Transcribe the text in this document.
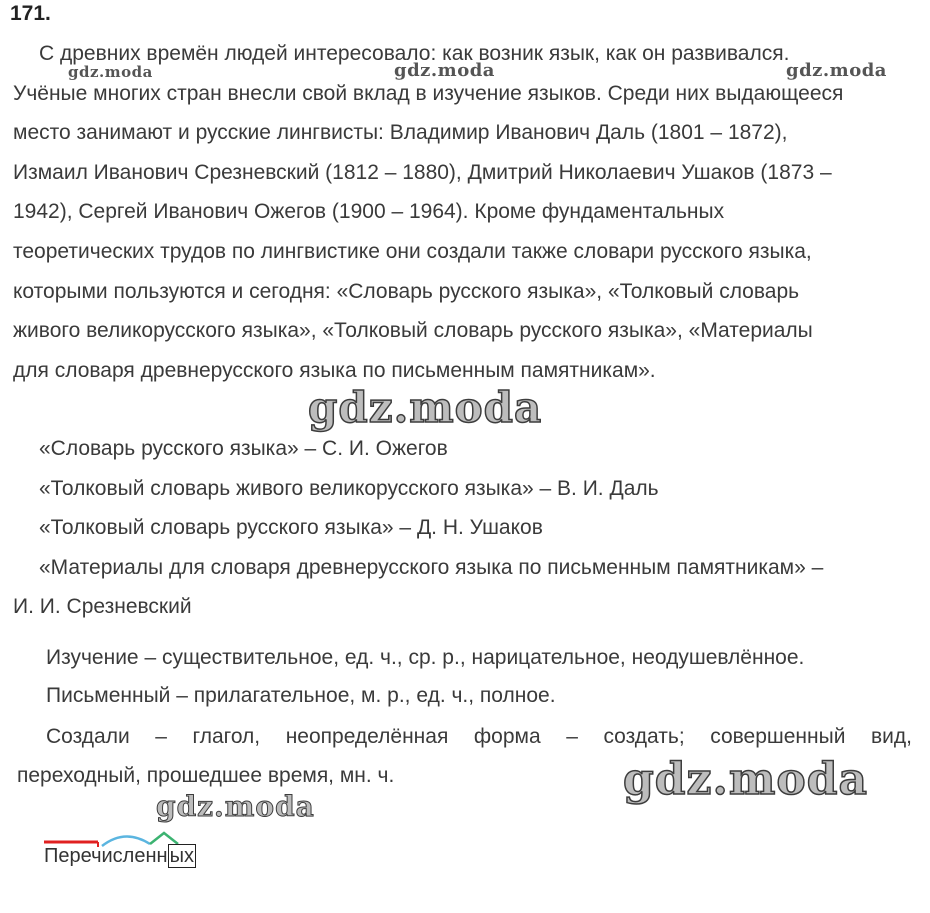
171.
С древних времён людей интересовало: как возник язык, как он развивался.
Учёные многих стран внесли свой вклад в изучение языков. Среди них выдающееся
место занимают и русские лингвисты: Владимир Иванович Даль (1801 – 1872),
Измаил Иванович Срезневский (1812 – 1880), Дмитрий Николаевич Ушаков (1873 –
1942), Сергей Иванович Ожегов (1900 – 1964). Кроме фундаментальных
теоретических трудов по лингвистике они создали также словари русского языка,
которыми пользуются и сегодня: «Словарь русского языка», «Толковый словарь
живого великорусского языка», «Толковый словарь русского языка», «Материалы
для словаря древнерусского языка по письменным памятникам».
«Словарь русского языка» – С. И. Ожегов
«Толковый словарь живого великорусского языка» – В. И. Даль
«Толковый словарь русского языка» – Д. Н. Ушаков
«Материалы для словаря древнерусского языка по письменным памятникам» –
И. И. Срезневский
Изучение – существительное, ед. ч., ср. р., нарицательное, неодушевлённое.
Письменный – прилагательное, м. р., ед. ч., полное.
Создали – глагол, неопределённая форма – создать; совершенный вид,
переходный, прошедшее время, мн. ч.
Перечисленн ых
gdz.moda	gdz.moda	gdz.moda
gdz.moda
gdz.moda
gdz.moda
